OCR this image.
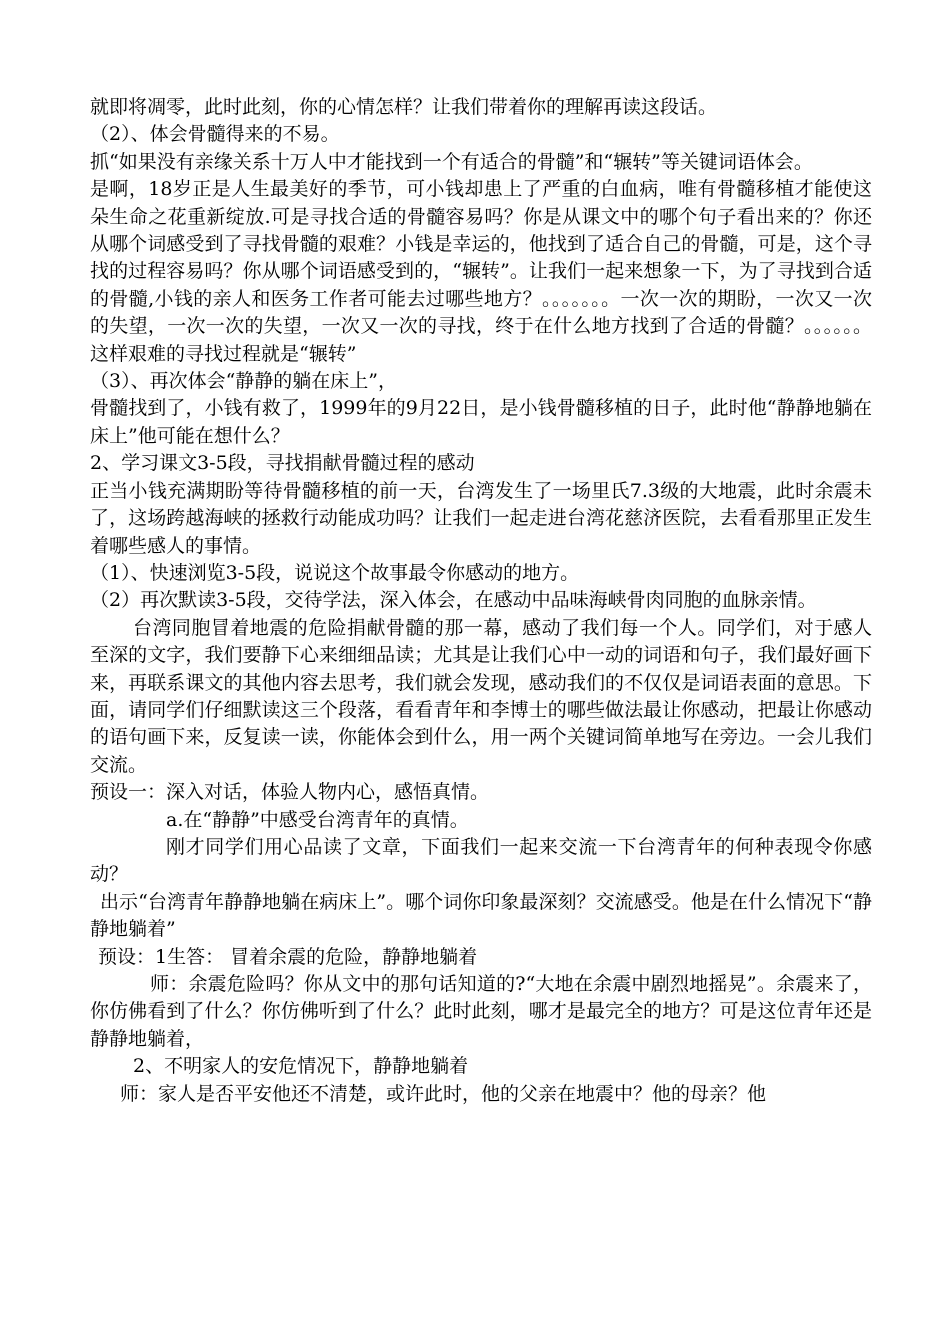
就即将凋零，此时此刻，你的心情怎样？让我们带着你的理解再读这段话。

（2）、体会骨髓得来的不易。

抓“如果没有亲缘关系十万人中才能找到一个有适合的骨髓”和“辗转”等关键词语体会。

是啊，18岁正是人生最美好的季节，可小钱却患上了严重的白血病，唯有骨髓移植才能使这朵生命之花重新绽放.可是寻找合适的骨髓容易吗？你是从课文中的哪个句子看出来的？你还从哪个词感受到了寻找骨髓的艰难？小钱是幸运的，他找到了适合自己的骨髓，可是，这个寻找的过程容易吗？你从哪个词语感受到的，“辗转”。让我们一起来想象一下，为了寻找到合适的骨髓,小钱的亲人和医务工作者可能去过哪些地方？。。。。。。。一次一次的期盼，一次又一次的失望，一次一次的失望，一次又一次的寻找，终于在什么地方找到了合适的骨髓？。。。。。。这样艰难的寻找过程就是“辗转”

（3）、再次体会“静静的躺在床上”，

骨髓找到了，小钱有救了，1999年的9月22日，是小钱骨髓移植的日子，此时他“静静地躺在床上”他可能在想什么？

2、学习课文3-5段，寻找捐献骨髓过程的感动

正当小钱充满期盼等待骨髓移植的前一天，台湾发生了一场里氏7.3级的大地震，此时余震未了，这场跨越海峡的拯救行动能成功吗？让我们一起走进台湾花慈济医院，去看看那里正发生着哪些感人的事情。

（1）、快速浏览3-5段，说说这个故事最令你感动的地方。

（2）再次默读3-5段，交待学法，深入体会，在感动中品味海峡骨肉同胞的血脉亲情。

台湾同胞冒着地震的危险捐献骨髓的那一幕，感动了我们每一个人。同学们，对于感人至深的文字，我们要静下心来细细品读；尤其是让我们心中一动的词语和句子，我们最好画下来，再联系课文的其他内容去思考，我们就会发现，感动我们的不仅仅是词语表面的意思。下面，请同学们仔细默读这三个段落，看看青年和李博士的哪些做法最让你感动，把最让你感动的语句画下来，反复读一读，你能体会到什么，用一两个关键词简单地写在旁边。一会儿我们交流。

预设一：深入对话，体验人物内心，感悟真情。

a.在“静静”中感受台湾青年的真情。

刚才同学们用心品读了文章，下面我们一起来交流一下台湾青年的何种表现令你感动？

出示“台湾青年静静地躺在病床上”。哪个词你印象最深刻？交流感受。他是在什么情况下“静静地躺着”

预设：1生答： 冒着余震的危险，静静地躺着

师：余震危险吗？你从文中的那句话知道的?“大地在余震中剧烈地摇晃”。余震来了，你仿佛看到了什么？你仿佛听到了什么？此时此刻，哪才是最完全的地方？可是这位青年还是静静地躺着，

2、不明家人的安危情况下，静静地躺着

师：家人是否平安他还不清楚，或许此时，他的父亲在地震中？他的母亲？他
